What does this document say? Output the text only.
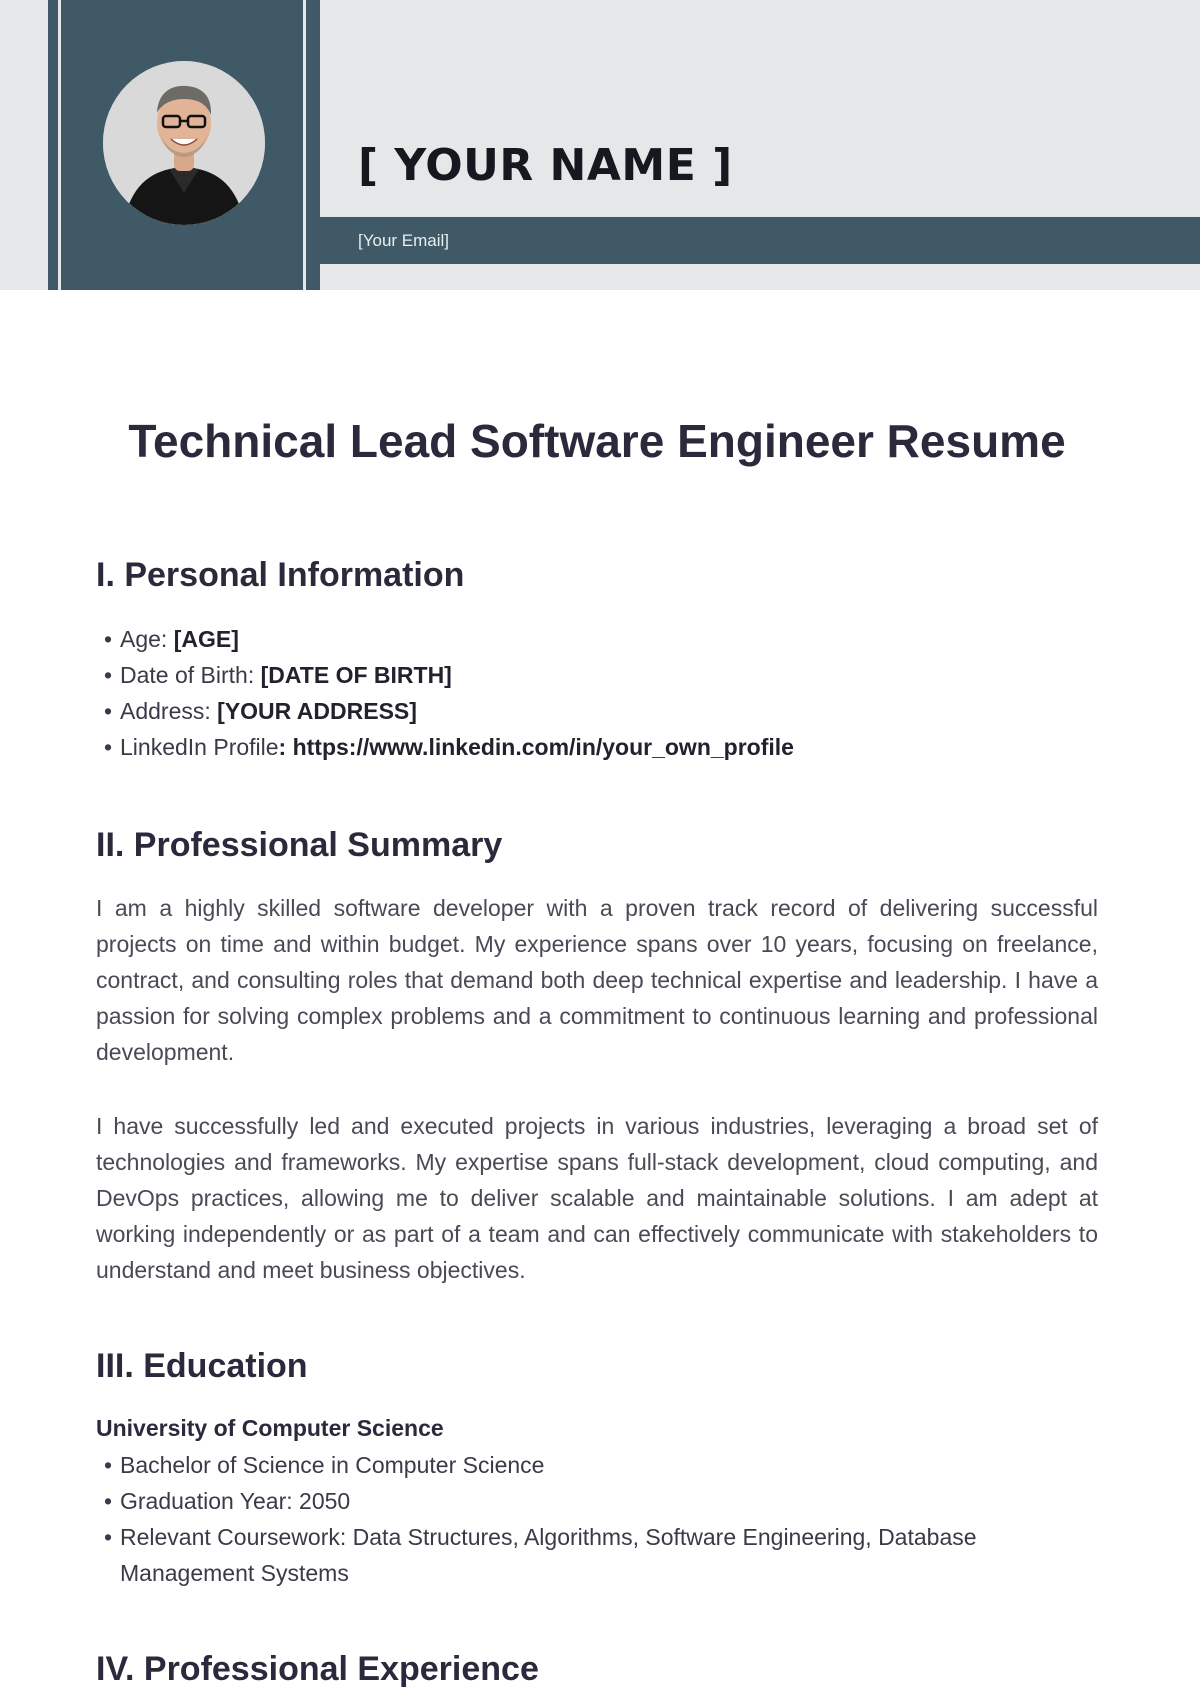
[ YOUR NAME ]
[Your Email]
Technical Lead Software Engineer Resume
I. Personal Information
• Age: [AGE]
• Date of Birth: [DATE OF BIRTH]
• Address: [YOUR ADDRESS]
• LinkedIn Profile: https://www.linkedin.com/in/your_own_profile
II. Professional Summary

I am a highly skilled software developer with a proven track record of delivering successful projects on time and within budget. My experience spans over 10 years, focusing on freelance, contract, and consulting roles that demand both deep technical expertise and leadership. I have a passion for solving complex problems and a commitment to continuous learning and professional development.

I have successfully led and executed projects in various industries, leveraging a broad set of technologies and frameworks. My expertise spans full-stack development, cloud computing, and DevOps practices, allowing me to deliver scalable and maintainable solutions. I am adept at working independently or as part of a team and can effectively communicate with stakeholders to understand and meet business objectives.

III. Education
University of Computer Science
• Bachelor of Science in Computer Science
• Graduation Year: 2050
• Relevant Coursework: Data Structures, Algorithms, Software Engineering, Database Management Systems
IV. Professional Experience
